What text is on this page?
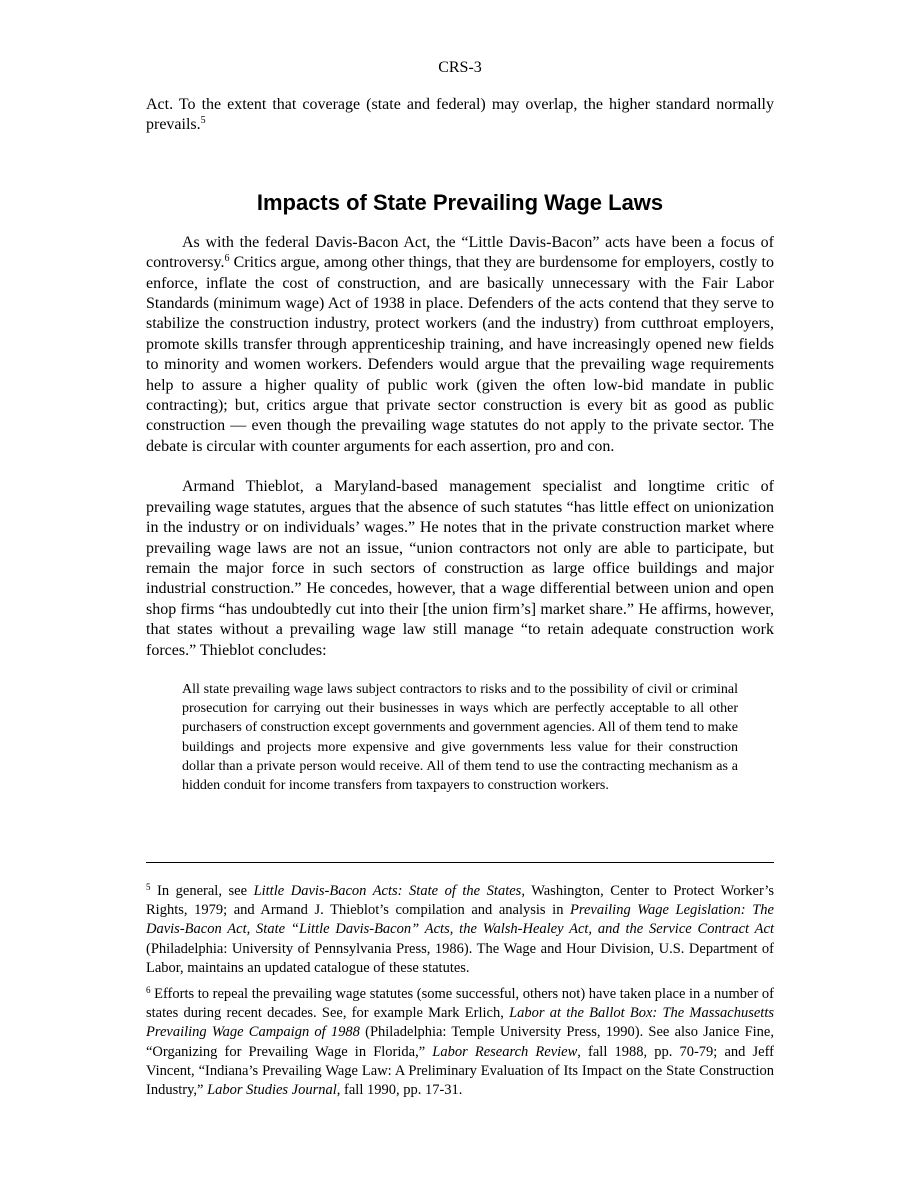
CRS-3

Act. To the extent that coverage (state and federal) may overlap, the higher standard normally prevails.$^5$

Impacts of State Prevailing Wage Laws

As with the federal Davis-Bacon Act, the “Little Davis-Bacon” acts have been a focus of controversy.$^6$ Critics argue, among other things, that they are burdensome for employers, costly to enforce, inflate the cost of construction, and are basically unnecessary with the Fair Labor Standards (minimum wage) Act of 1938 in place. Defenders of the acts contend that they serve to stabilize the construction industry, protect workers (and the industry) from cutthroat employers, promote skills transfer through apprenticeship training, and have increasingly opened new fields to minority and women workers. Defenders would argue that the prevailing wage requirements help to assure a higher quality of public work (given the often low-bid mandate in public contracting); but, critics argue that private sector construction is every bit as good as public construction — even though the prevailing wage statutes do not apply to the private sector. The debate is circular with counter arguments for each assertion, pro and con.

Armand Thieblot, a Maryland-based management specialist and longtime critic of prevailing wage statutes, argues that the absence of such statutes “has little effect on unionization in the industry or on individuals’ wages.” He notes that in the private construction market where prevailing wage laws are not an issue, “union contractors not only are able to participate, but remain the major force in such sectors of construction as large office buildings and major industrial construction.” He concedes, however, that a wage differential between union and open shop firms “has undoubtedly cut into their [the union firm’s] market share.” He affirms, however, that states without a prevailing wage law still manage “to retain adequate construction work forces.” Thieblot concludes:

All state prevailing wage laws subject contractors to risks and to the possibility of civil or criminal prosecution for carrying out their businesses in ways which are perfectly acceptable to all other purchasers of construction except governments and government agencies. All of them tend to make buildings and projects more expensive and give governments less value for their construction dollar than a private person would receive. All of them tend to use the contracting mechanism as a hidden conduit for income transfers from taxpayers to construction workers.

$^5$ In general, see Little Davis-Bacon Acts: State of the States, Washington, Center to Protect Worker’s Rights, 1979; and Armand J. Thieblot’s compilation and analysis in Prevailing Wage Legislation: The Davis-Bacon Act, State “Little Davis-Bacon” Acts, the Walsh-Healey Act, and the Service Contract Act (Philadelphia: University of Pennsylvania Press, 1986). The Wage and Hour Division, U.S. Department of Labor, maintains an updated catalogue of these statutes.

$^6$ Efforts to repeal the prevailing wage statutes (some successful, others not) have taken place in a number of states during recent decades. See, for example Mark Erlich, Labor at the Ballot Box: The Massachusetts Prevailing Wage Campaign of 1988 (Philadelphia: Temple University Press, 1990). See also Janice Fine, “Organizing for Prevailing Wage in Florida,” Labor Research Review, fall 1988, pp. 70-79; and Jeff Vincent, “Indiana’s Prevailing Wage Law: A Preliminary Evaluation of Its Impact on the State Construction Industry,” Labor Studies Journal, fall 1990, pp. 17-31.
